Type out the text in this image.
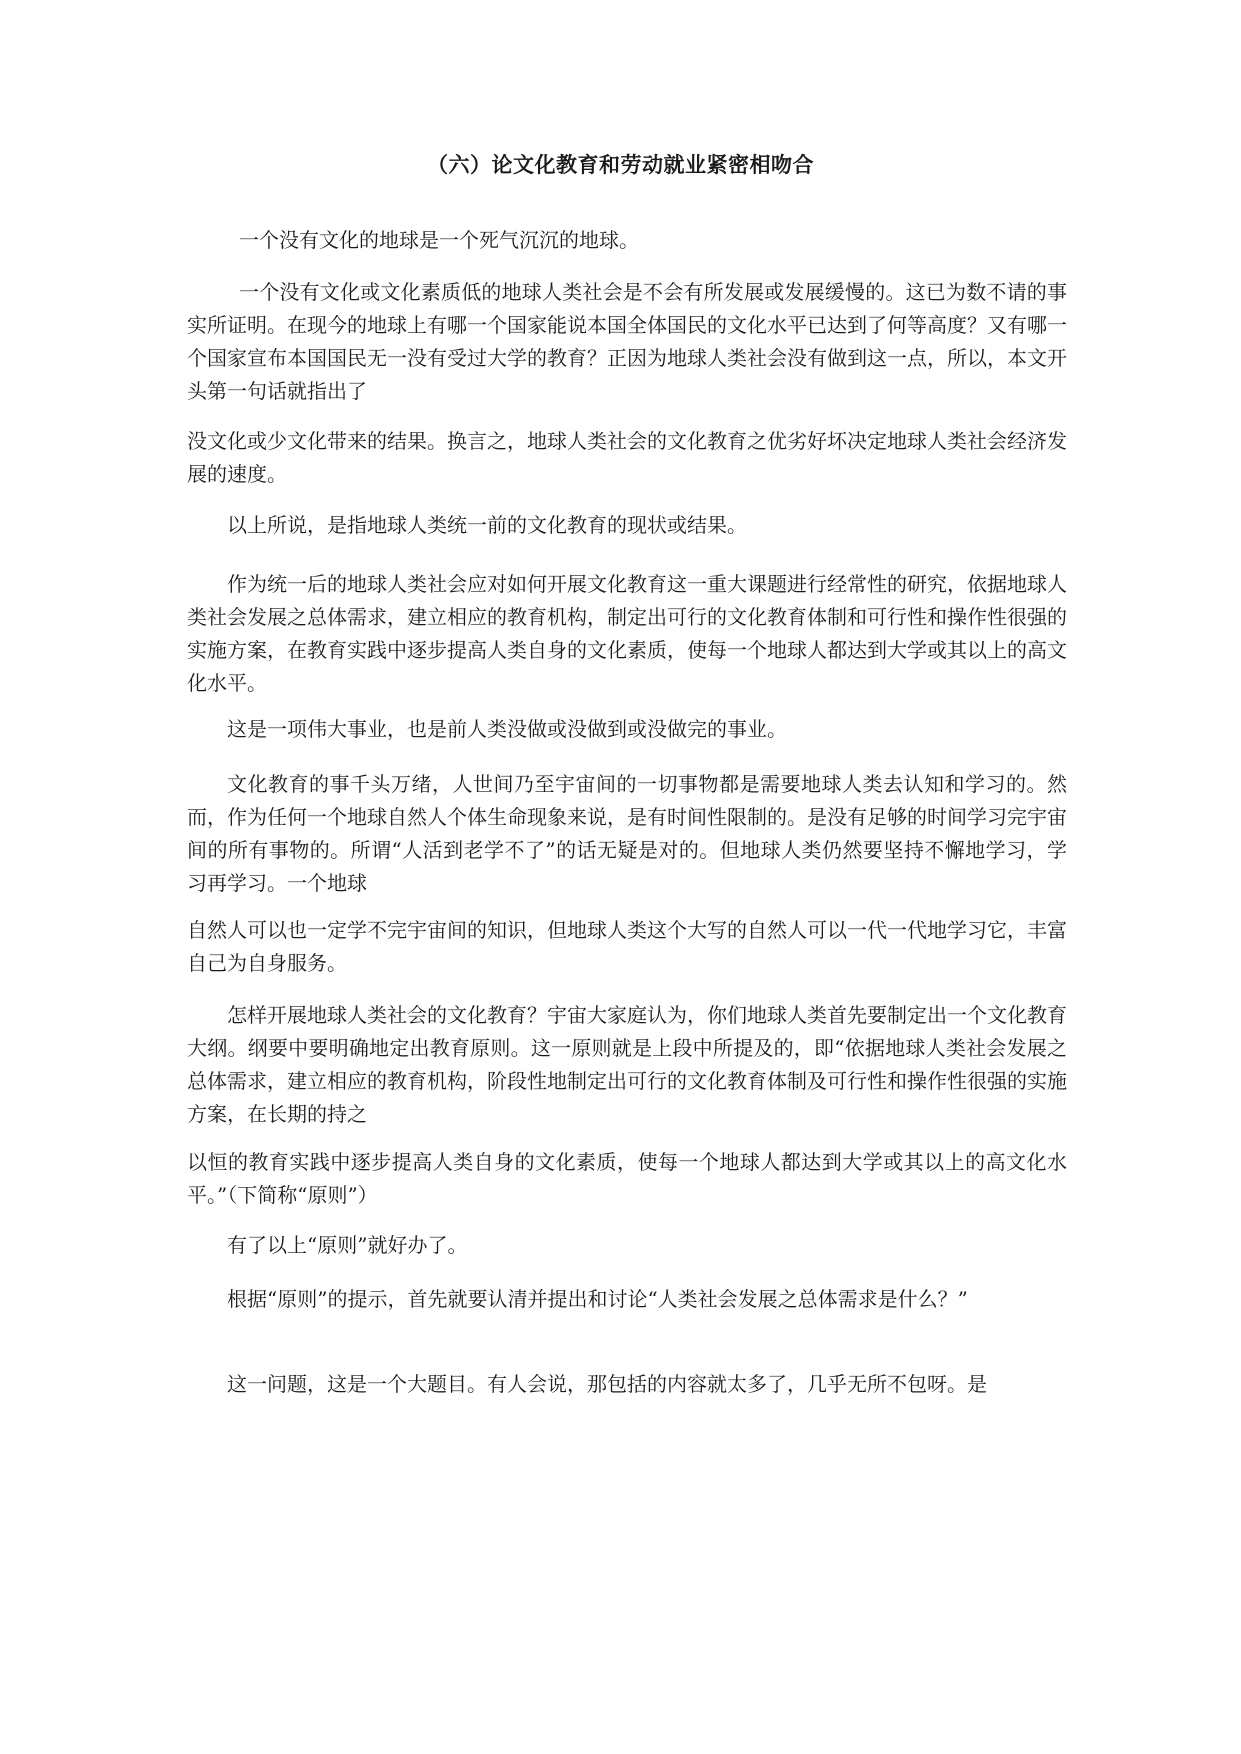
（六）论文化教育和劳动就业紧密相吻合

一个没有文化的地球是一个死气沉沉的地球。

一个没有文化或文化素质低的地球人类社会是不会有所发展或发展缓慢的。这已为数不请的事实所证明。在现今的地球上有哪一个国家能说本国全体国民的文化水平已达到了何等高度？又有哪一个国家宣布本国国民无一没有受过大学的教育？正因为地球人类社会没有做到这一点，所以，本文开头第一句话就指出了

没文化或少文化带来的结果。换言之，地球人类社会的文化教育之优劣好坏决定地球人类社会经济发展的速度。

以上所说，是指地球人类统一前的文化教育的现状或结果。

作为统一后的地球人类社会应对如何开展文化教育这一重大课题进行经常性的研究，依据地球人类社会发展之总体需求，建立相应的教育机构，制定出可行的文化教育体制和可行性和操作性很强的实施方案，在教育实践中逐步提高人类自身的文化素质，使每一个地球人都达到大学或其以上的高文化水平。

这是一项伟大事业，也是前人类没做或没做到或没做完的事业。

文化教育的事千头万绪，人世间乃至宇宙间的一切事物都是需要地球人类去认知和学习的。然而，作为任何一个地球自然人个体生命现象来说，是有时间性限制的。是没有足够的时间学习完宇宙间的所有事物的。所谓“人活到老学不了”的话无疑是对的。但地球人类仍然要坚持不懈地学习，学习再学习。一个地球

自然人可以也一定学不完宇宙间的知识，但地球人类这个大写的自然人可以一代一代地学习它，丰富自己为自身服务。

怎样开展地球人类社会的文化教育？宇宙大家庭认为，你们地球人类首先要制定出一个文化教育大纲。纲要中要明确地定出教育原则。这一原则就是上段中所提及的，即“依据地球人类社会发展之总体需求，建立相应的教育机构，阶段性地制定出可行的文化教育体制及可行性和操作性很强的实施方案，在长期的持之

以恒的教育实践中逐步提高人类自身的文化素质，使每一个地球人都达到大学或其以上的高文化水平。”（下简称“原则”）

有了以上“原则”就好办了。

根据“原则”的提示，首先就要认清并提出和讨论“人类社会发展之总体需求是什么？”

这一问题，这是一个大题目。有人会说，那包括的内容就太多了，几乎无所不包呀。是
